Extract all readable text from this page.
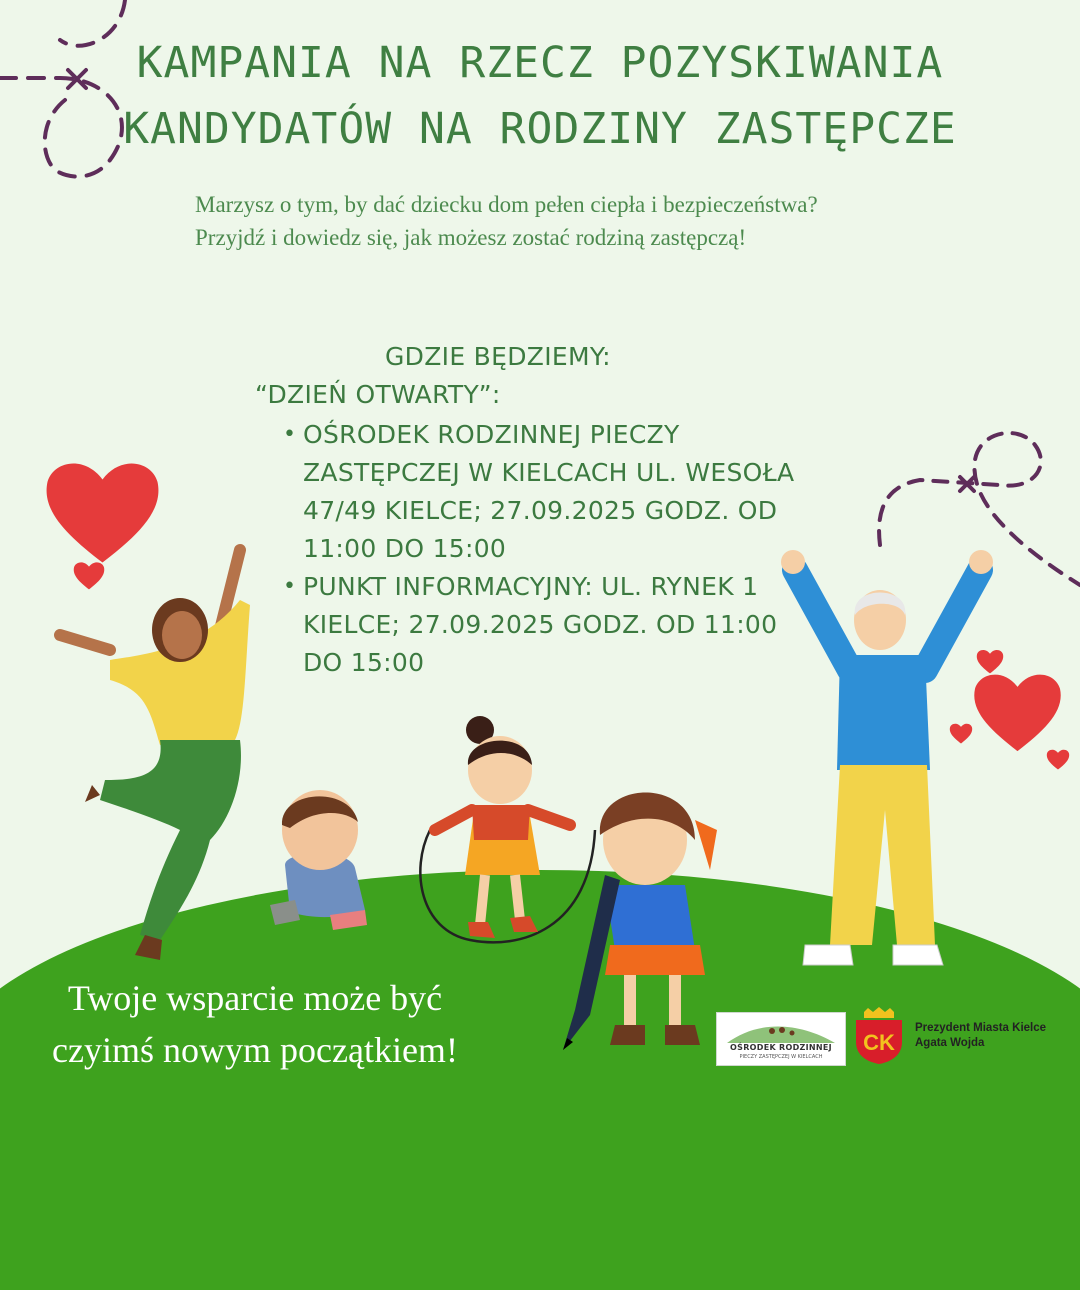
KAMPANIA NA RZECZ POZYSKIWANIA
KANDYDATÓW NA RODZINY ZASTĘPCZE
Marzysz o tym, by dać dziecku dom pełen ciepła i bezpieczeństwa?
Przyjdź i dowiedz się, jak możesz zostać rodziną zastępczą!
GDZIE BĘDZIEMY:
“DZIEŃ OTWARTY”:
• OŚRODEK RODZINNEJ PIECZY ZASTĘPCZEJ W KIELCACH UL. WESOŁA 47/49 KIELCE; 27.09.2025 GODZ. OD 11:00 DO 15:00
• PUNKT INFORMACYJNY: UL. RYNEK 1 KIELCE; 27.09.2025 GODZ. OD 11:00 DO 15:00
Twoje wsparcie może być
czyimś nowym początkiem!	OŚRODEK RODZINNEJ
PIECZY ZASTĘPCZEJ W KIELCACH
CK
Prezydent Miasta Kielce
Agata Wojda
